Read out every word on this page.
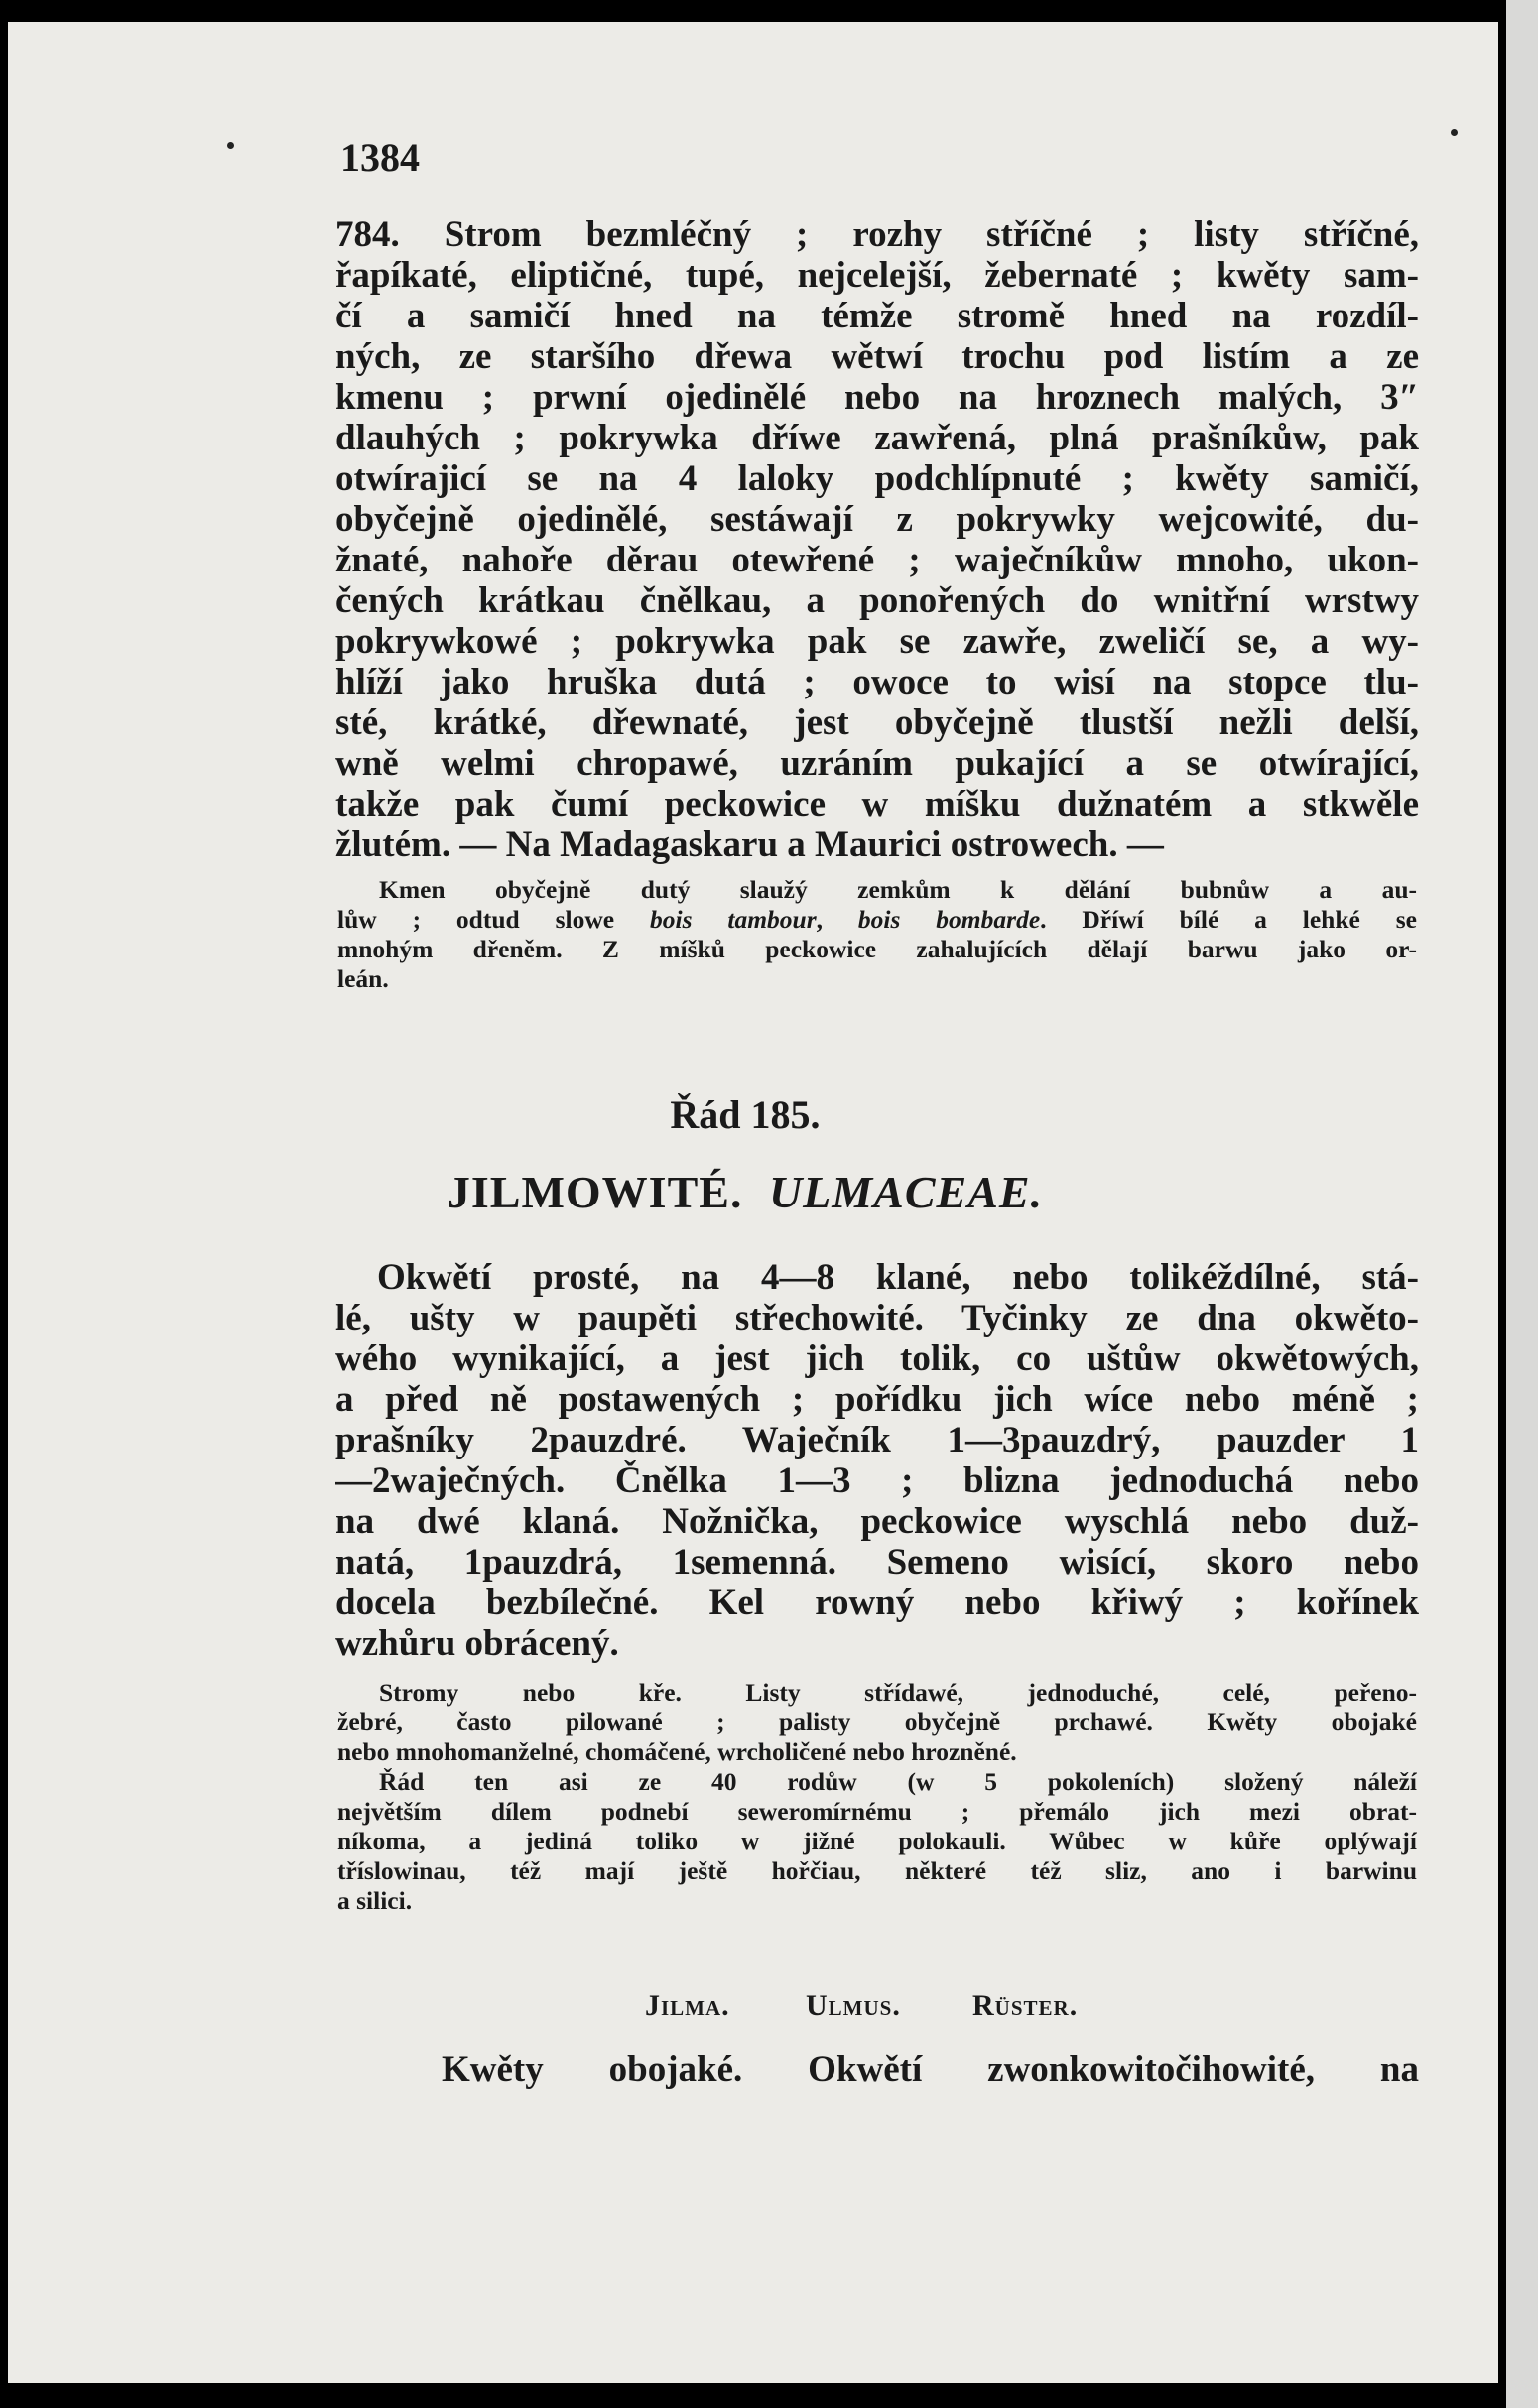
1384
784. Strom bezmléčný ; rozhy stříčné ; listy stříčné,
řapíkaté, eliptičné, tupé, nejcelejší, žebernaté ; kwěty sam-
čí a samičí hned na témže stromě hned na rozdíl-
ných, ze staršího dřewa wětwí trochu pod listím a ze
kmenu ; prwní ojedinělé nebo na hroznech malých, 3″
dlauhých ; pokrywka dříwe zawřená, plná prašníkůw, pak
otwírajicí se na 4 laloky podchlípnuté ; kwěty samičí,
obyčejně ojedinělé, sestáwají z pokrywky wejcowité, du-
žnaté, nahoře děrau otewřené ; waječníkůw mnoho, ukon-
čených krátkau čnělkau, a ponořených do wnitřní wrstwy
pokrywkowé ; pokrywka pak se zawře, zweličí se, a wy-
hlíží jako hruška dutá ; owoce to wisí na stopce tlu-
sté, krátké, dřewnaté, jest obyčejně tlustší nežli delší,
wně welmi chropawé, uzráním pukající a se otwírající,
takže pak čumí peckowice w míšku dužnatém a stkwěle
žlutém. — Na Madagaskaru a Maurici ostrowech. —
Kmen obyčejně dutý slaužý zemkům k dělání bubnůw a au-
lůw ; odtud slowe bois tambour, bois bombarde. Dříwí bílé a lehké se
mnohým dřeněm. Z míšků peckowice zahalujících dělají barwu jako or-
leán.
Řád 185.
JILMOWITÉ. ULMACEAE.
Okwětí prosté, na 4—8 klané, nebo tolikéždílné, stá-
lé, ušty w paupěti střechowité. Tyčinky ze dna okwěto-
wého wynikající, a jest jich tolik, co uštůw okwětowých,
a před ně postawených ; pořídku jich wíce nebo méně ;
prašníky 2pauzdré. Waječník 1—3pauzdrý, pauzder 1
—2waječných. Čnělka 1—3 ; blizna jednoduchá nebo
na dwé klaná. Nožnička, peckowice wyschlá nebo duž-
natá, 1pauzdrá, 1semenná. Semeno wisící, skoro nebo
docela bezbílečné. Kel rowný nebo křiwý ; kořínek
wzhůru obrácený.
Stromy nebo kře. Listy střídawé, jednoduché, celé, peřeno-
žebré, často pilowané ; palisty obyčejně prchawé. Kwěty obojaké
nebo mnohomanželné, chomáčené, wrcholičené nebo hrozněné.
Řád ten asi ze 40 rodůw (w 5 pokoleních) složený náleží
největším dílem podnebí seweromírnému ; přemálo jich mezi obrat-
níkoma, a jediná toliko w jižné polokauli. Wůbec w kůře oplýwají
tříslowinau, též mají ještě hořčiau, některé též sliz, ano i barwinu
a silici.
Jilma.	Ulmus. Rüster.
Kwěty obojaké. Okwětí zwonkowitočihowité, na
